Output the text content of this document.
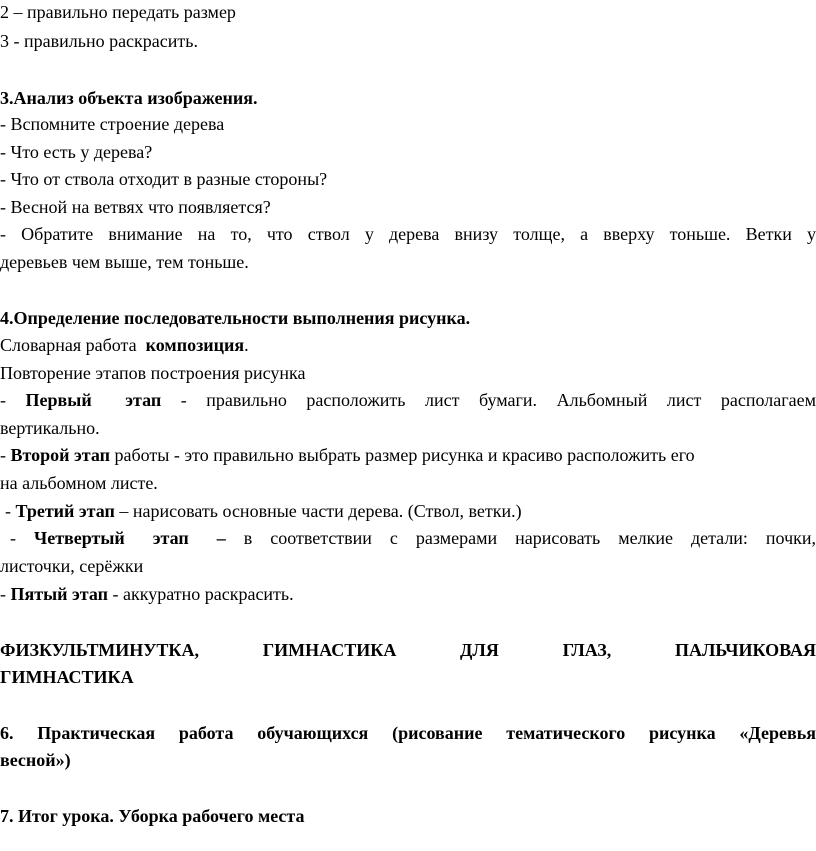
2 – правильно передать размер
3 - правильно раскрасить.
3.Анализ объекта изображения.
- Вспомните строение дерева
- Что есть у дерева?
- Что от ствола отходит в разные стороны?
- Весной на ветвях что появляется?
- Обратите внимание на то, что ствол у дерева внизу толще, а вверху тоньше. Ветки у
деревьев чем выше, тем тоньше.
4.Определение последовательности выполнения рисунка.
Словарная работа композиция.
Повторение этапов построения рисунка
- Первый этап - правильно расположить лист бумаги. Альбомный лист располагаем
вертикально.
- Второй этап работы - это правильно выбрать размер рисунка и красиво расположить его
на альбомном листе.
- Третий этап – нарисовать основные части дерева. (Ствол, ветки.)
- Четвертый этап – в соответствии с размерами нарисовать мелкие детали: почки,
листочки, серёжки
- Пятый этап - аккуратно раскрасить.
ФИЗКУЛЬТМИНУТКА, ГИМНАСТИКА ДЛЯ ГЛАЗ, ПАЛЬЧИКОВАЯ
ГИМНАСТИКА
6. Практическая работа обучающихся (рисование тематического рисунка «Деревья
весной»)
7. Итог урока. Уборка рабочего места
